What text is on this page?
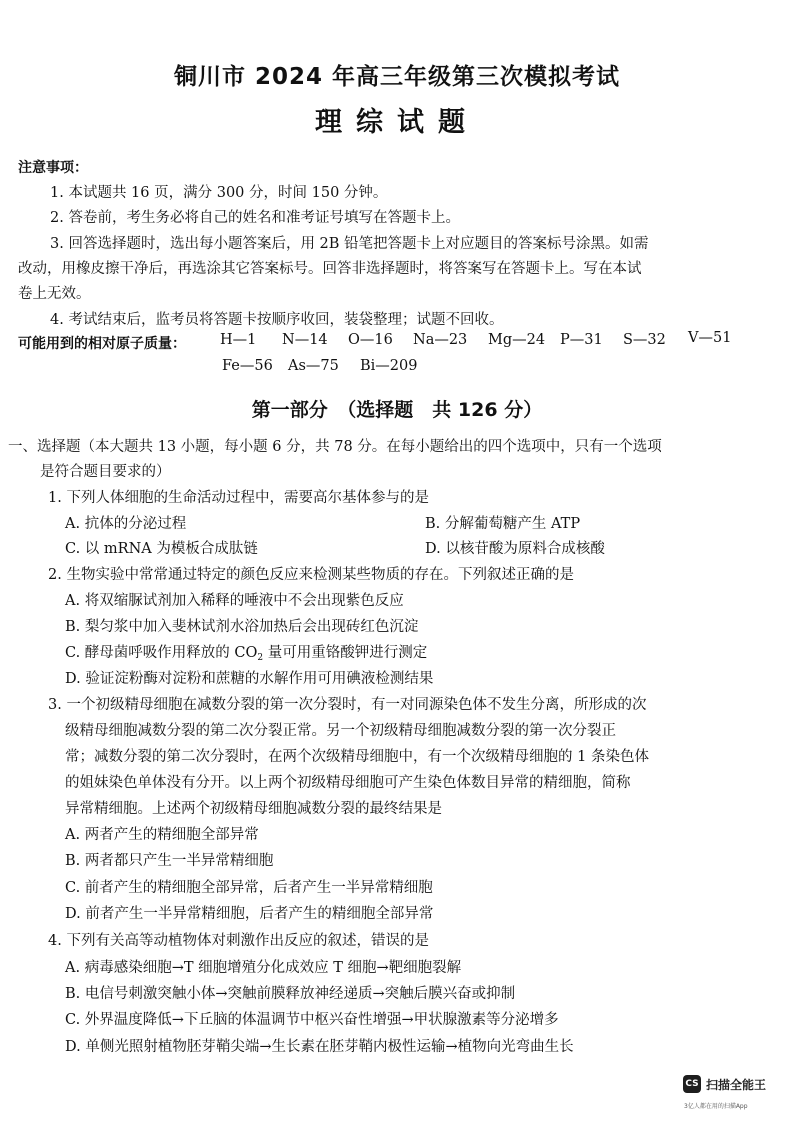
铜川市 2024 年高三年级第三次模拟考试
理综试题
注意事项：
1. 本试题共 16 页，满分 300 分，时间 150 分钟。
2. 答卷前，考生务必将自己的姓名和准考证号填写在答题卡上。
3. 回答选择题时，选出每小题答案后，用 2B 铅笔把答题卡上对应题目的答案标号涂黑。如需
改动，用橡皮擦干净后，再选涂其它答案标号。回答非选择题时，将答案写在答题卡上。写在本试
卷上无效。
4. 考试结束后，监考员将答题卡按顺序收回，装袋整理；试题不回收。
可能用到的相对原子质量： H—1 N—14 O—16 Na—23 Mg—24 P—31 S—32 V—51
Fe—56 As—75 Bi—209
第一部分　（选择题　共 126 分）
一、选择题（本大题共 13 小题，每小题 6 分，共 78 分。在每小题给出的四个选项中，只有一个选项
是符合题目要求的）
1. 下列人体细胞的生命活动过程中，需要高尔基体参与的是
A. 抗体的分泌过程	B. 分解葡萄糖产生 ATP
C. 以 mRNA 为模板合成肽链	D. 以核苷酸为原料合成核酸
2. 生物实验中常常通过特定的颜色反应来检测某些物质的存在。下列叙述正确的是
A. 将双缩脲试剂加入稀释的唾液中不会出现紫色反应
B. 梨匀浆中加入斐林试剂水浴加热后会出现砖红色沉淀
C. 酵母菌呼吸作用释放的 $CO_2$ 量可用重铬酸钾进行测定
D. 验证淀粉酶对淀粉和蔗糖的水解作用可用碘液检测结果
3. 一个初级精母细胞在减数分裂的第一次分裂时，有一对同源染色体不发生分离，所形成的次
级精母细胞减数分裂的第二次分裂正常。另一个初级精母细胞减数分裂的第一次分裂正
常；减数分裂的第二次分裂时，在两个次级精母细胞中，有一个次级精母细胞的 1 条染色体
的姐妹染色单体没有分开。以上两个初级精母细胞可产生染色体数目异常的精细胞，简称
异常精细胞。上述两个初级精母细胞减数分裂的最终结果是
A. 两者产生的精细胞全部异常
B. 两者都只产生一半异常精细胞
C. 前者产生的精细胞全部异常，后者产生一半异常精细胞
D. 前者产生一半异常精细胞，后者产生的精细胞全部异常
4. 下列有关高等动植物体对刺激作出反应的叙述，错误的是
A. 病毒感染细胞→T 细胞增殖分化成效应 T 细胞→靶细胞裂解
B. 电信号刺激突触小体→突触前膜释放神经递质→突触后膜兴奋或抑制
C. 外界温度降低→下丘脑的体温调节中枢兴奋性增强→甲状腺激素等分泌增多
D. 单侧光照射植物胚芽鞘尖端→生长素在胚芽鞘内极性运输→植物向光弯曲生长
CS 扫描全能王
3亿人都在用的扫描App
